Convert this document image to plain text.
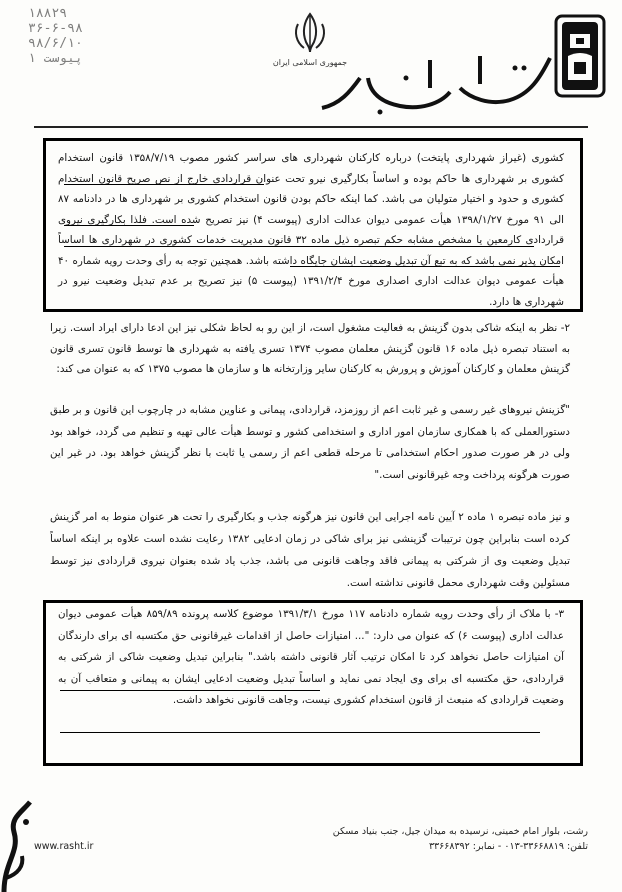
۱۸۸۲۹ ۳۶-۶-۹۸
۹۸/۶/۱۰
پیوست ۱	جمهوری اسلامی ایران
کشوری (غیراز شهرداری پایتخت) درباره کارکنان شهرداری های سراسر کشور مصوب ۱۳۵۸/۷/۱۹ قانون استخدام کشوری بر شهرداری ها حاکم بوده و اساساً بکارگیری نیرو تحت عنوان قراردادی خارج از نص صریح قانون استخدام کشوری و حدود و اختیار متولیان می باشد. کما اینکه حاکم بودن قانون استخدام کشوری بر شهرداری ها در دادنامه ۸۷ الی ۹۱ مورخ ۱۳۹۸/۱/۲۷ هیأت عمومی دیوان عدالت اداری (پیوست ۴) نیز تصریح شده است. فلذا بکارگیری نیروی قراردادی کارمعین یا مشخص مشابه حکم تبصره ذیل ماده ۳۲ قانون مدیریت خدمات کشوری در شهرداری ها اساساً امکان پذیر نمی باشد که به تبع آن تبدیل وضعیت ایشان جایگاه داشته باشد. همچنین توجه به رأی وحدت رویه شماره ۴۰ هیأت عمومی دیوان عدالت اداری اصداری مورخ ۱۳۹۱/۲/۴ (پیوست ۵) نیز تصریح بر عدم تبدیل وضعیت نیرو در شهرداری ها دارد.
۲- نظر به اینکه شاکی بدون گزینش به فعالیت مشغول است، از این رو به لحاظ شکلی نیز این ادعا دارای ایراد است. زیرا به استناد تبصره ذیل ماده ۱۶ قانون گزینش معلمان مصوب ۱۳۷۴ تسری یافته به شهرداری ها توسط قانون تسری قانون گزینش معلمان و کارکنان آموزش و پرورش به کارکنان سایر وزارتخانه ها و سازمان ها مصوب ۱۳۷۵ که به عنوان می کند:
"گزینش نیروهای غیر رسمی و غیر ثابت اعم از روزمزد، قراردادی، پیمانی و عناوین مشابه در چارچوب این قانون و بر طبق دستورالعملی که با همکاری سازمان امور اداری و استخدامی کشور و توسط هیأت عالی تهیه و تنظیم می گردد، خواهد بود ولی در هر صورت صدور احکام استخدامی تا مرحله قطعی اعم از رسمی یا ثابت با نظر گزینش خواهد بود. در غیر این صورت هرگونه پرداخت وجه غیرقانونی است."
و نیز ماده تبصره ۱ ماده ۲ آیین نامه اجرایی این قانون نیز هرگونه جذب و بکارگیری را تحت هر عنوان منوط به امر گزینش کرده است بنابراین چون ترتیبات گزینشی نیز برای شاکی در زمان ادعایی ۱۳۸۲ رعایت نشده است علاوه بر اینکه اساساً تبدیل وضعیت وی از شرکتی به پیمانی فاقد وجاهت قانونی می باشد، جذب یاد شده بعنوان نیروی قراردادی نیز توسط مسئولین وقت شهرداری محمل قانونی نداشته است.
۳- با ملاک از رأی وحدت رویه شماره دادنامه ۱۱۷ مورخ ۱۳۹۱/۳/۱ موضوع کلاسه پرونده ۸۵۹/۸۹ هیأت عمومی دیوان عدالت اداری (پیوست ۶) که عنوان می دارد: "... امتیازات حاصل از اقدامات غیرقانونی حق مکتسبه ای برای دارندگان آن امتیازات حاصل نخواهد کرد تا امکان ترتیب آثار قانونی داشته باشد." بنابراین تبدیل وضعیت شاکی از شرکتی به قراردادی، حق مکتسبه ای برای وی ایجاد نمی نماید و اساساً تبدیل وضعیت ادعایی ایشان به پیمانی و متعاقب آن به وضعیت قراردادی که منبعث از قانون استخدام کشوری نیست، وجاهت قانونی نخواهد داشت.
رشت، بلوار امام خمینی، نرسیده به میدان جیل، جنب بنیاد مسکن
تلفن: ۳۳۶۶۸۸۱۹-۰۱۳ - نمابر: ۳۳۶۶۸۳۹۲
www.rasht.ir
